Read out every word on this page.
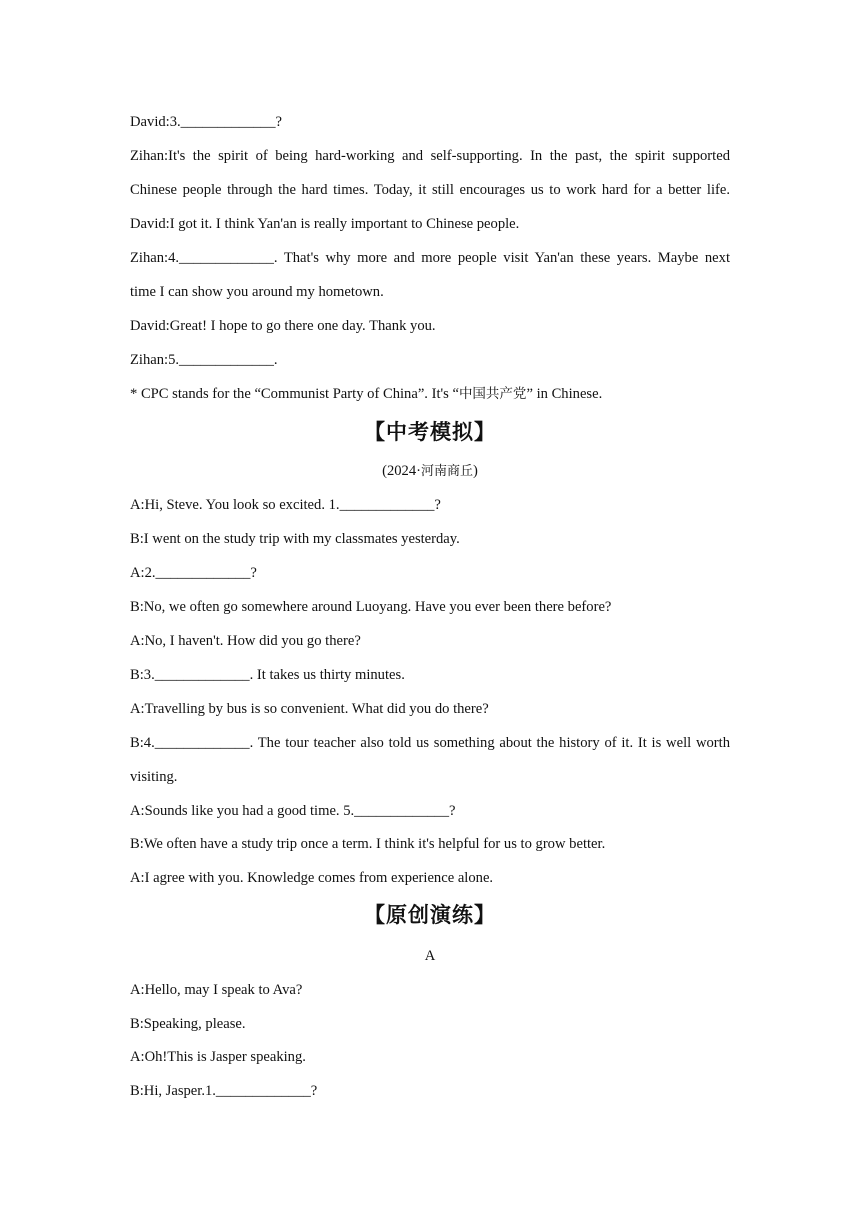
David:3._____________?
Zihan:It's the spirit of being hard-working and self-supporting. In the past, the spirit supported
Chinese people through the hard times. Today, it still encourages us to work hard for a better life.
David:I got it. I think Yan'an is really important to Chinese people.
Zihan:4._____________. That's why more and more people visit Yan'an these years. Maybe next
time I can show you around my hometown.
David:Great! I hope to go there one day. Thank you.
Zihan:5._____________.
* CPC stands for the “Communist Party of China”. It's “中国共产党” in Chinese.
【中考模拟】
(2024·河南商丘)
A:Hi, Steve. You look so excited. 1._____________?
B:I went on the study trip with my classmates yesterday.
A:2._____________?
B:No, we often go somewhere around Luoyang. Have you ever been there before?
A:No, I haven't. How did you go there?
B:3._____________. It takes us thirty minutes.
A:Travelling by bus is so convenient. What did you do there?
B:4._____________. The tour teacher also told us something about the history of it. It is well worth
visiting.
A:Sounds like you had a good time. 5._____________?
B:We often have a study trip once a term. I think it's helpful for us to grow better.
A:I agree with you. Knowledge comes from experience alone.
【原创演练】
A
A:Hello, may I speak to Ava?
B:Speaking, please.
A:Oh!This is Jasper speaking.
B:Hi, Jasper.1._____________?
